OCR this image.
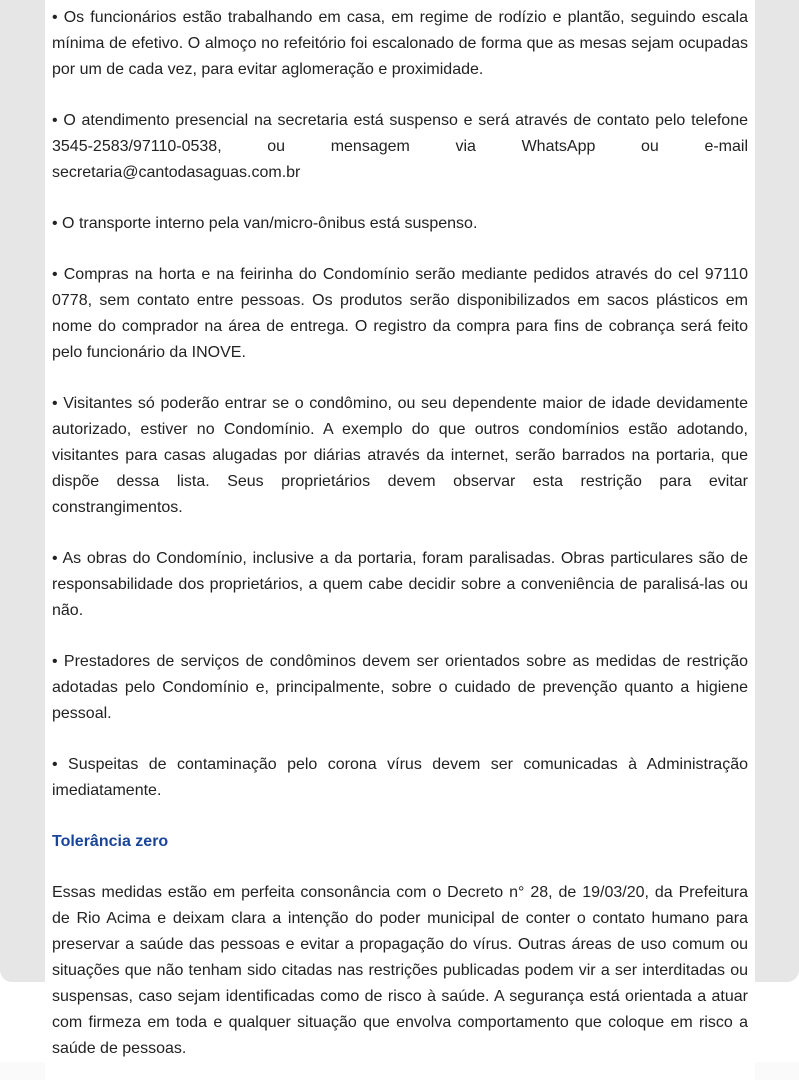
• Os funcionários estão trabalhando em casa, em regime de rodízio e plantão, seguindo escala mínima de efetivo. O almoço no refeitório foi escalonado de forma que as mesas sejam ocupadas por um de cada vez, para evitar aglomeração e proximidade.

• O atendimento presencial na secretaria está suspenso e será através de contato pelo telefone 3545-2583/97110-0538, ou mensagem via WhatsApp ou e-mail secretaria@cantodasaguas.com.br

• O transporte interno pela van/micro-ônibus está suspenso.

• Compras na horta e na feirinha do Condomínio serão mediante pedidos através do cel 97110 0778, sem contato entre pessoas. Os produtos serão disponibilizados em sacos plásticos em nome do comprador na área de entrega. O registro da compra para fins de cobrança será feito pelo funcionário da INOVE.

• Visitantes só poderão entrar se o condômino, ou seu dependente maior de idade devidamente autorizado, estiver no Condomínio. A exemplo do que outros condomínios estão adotando, visitantes para casas alugadas por diárias através da internet, serão barrados na portaria, que dispõe dessa lista. Seus proprietários devem observar esta restrição para evitar constrangimentos.

• As obras do Condomínio, inclusive a da portaria, foram paralisadas. Obras particulares são de responsabilidade dos proprietários, a quem cabe decidir sobre a conveniência de paralisá-las ou não.

• Prestadores de serviços de condôminos devem ser orientados sobre as medidas de restrição adotadas pelo Condomínio e, principalmente, sobre o cuidado de prevenção quanto a higiene pessoal.

• Suspeitas de contaminação pelo corona vírus devem ser comunicadas à Administração imediatamente.

Tolerância zero

Essas medidas estão em perfeita consonância com o Decreto n° 28, de 19/03/20, da Prefeitura de Rio Acima e deixam clara a intenção do poder municipal de conter o contato humano para preservar a saúde das pessoas e evitar a propagação do vírus. Outras áreas de uso comum ou situações que não tenham sido citadas nas restrições publicadas podem vir a ser interditadas ou suspensas, caso sejam identificadas como de risco à saúde. A segurança está orientada a atuar com firmeza em toda e qualquer situação que envolva comportamento que coloque em risco a saúde de pessoas.
